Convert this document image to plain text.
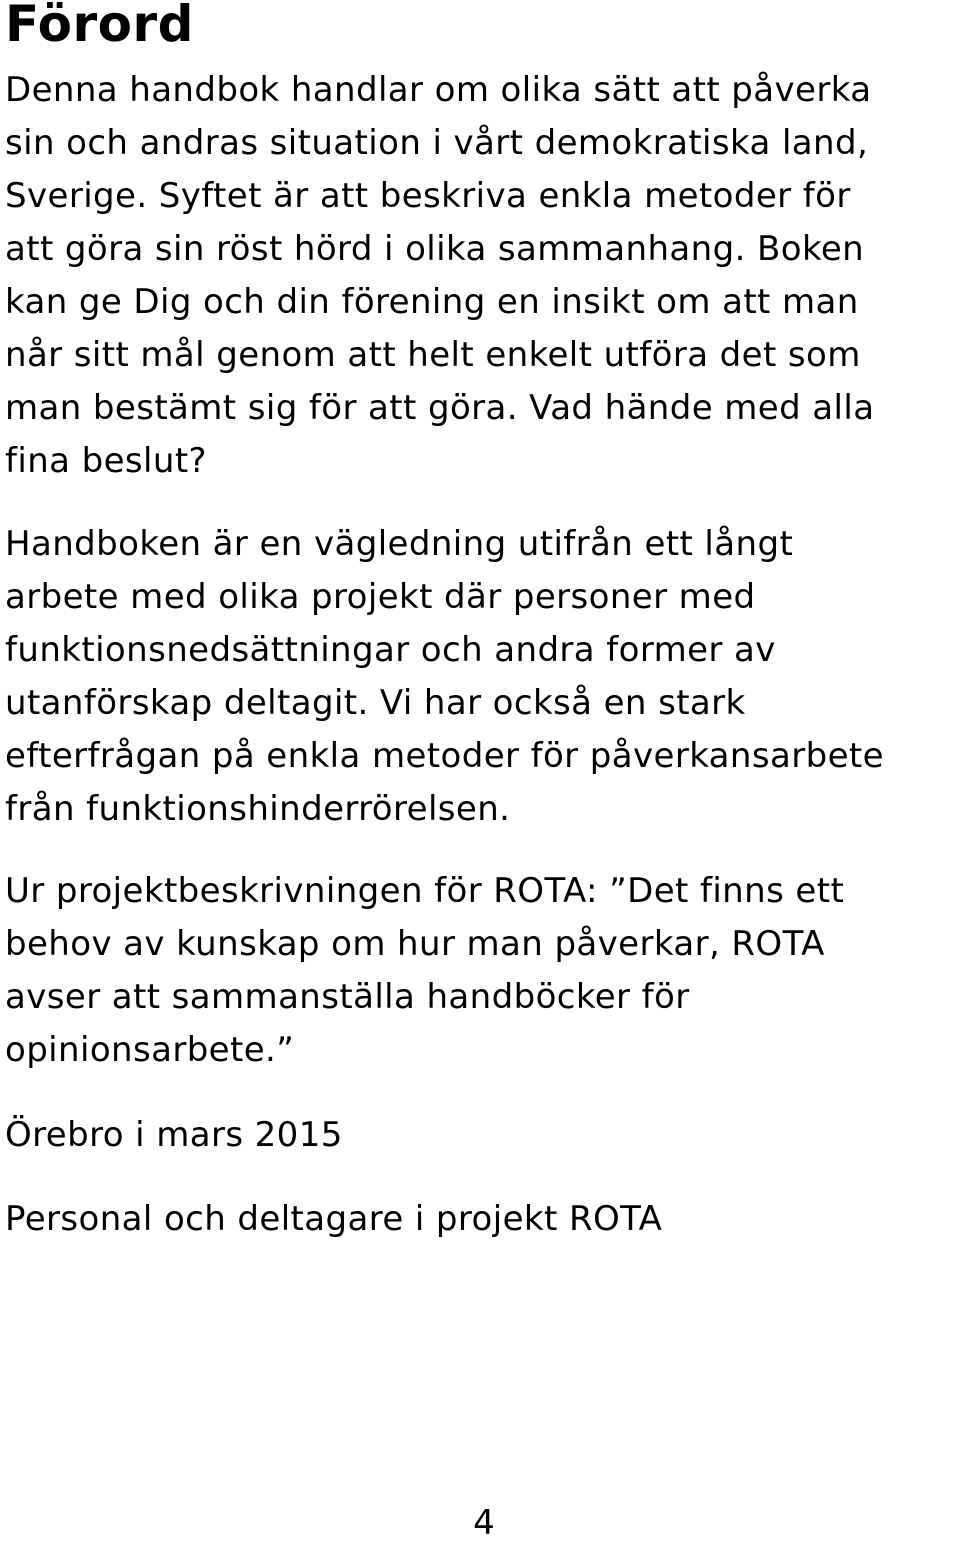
Förord

Denna handbok handlar om olika sätt att påverka
sin och andras situation i vårt demokratiska land,
Sverige. Syftet är att beskriva enkla metoder för
att göra sin röst hörd i olika sammanhang. Boken
kan ge Dig och din förening en insikt om att man
når sitt mål genom att helt enkelt utföra det som
man bestämt sig för att göra. Vad hände med alla
fina beslut?

Handboken är en vägledning utifrån ett långt
arbete med olika projekt där personer med
funktionsnedsättningar och andra former av
utanförskap deltagit. Vi har också en stark
efterfrågan på enkla metoder för påverkansarbete
från funktionshinderrörelsen.

Ur projektbeskrivningen för ROTA: ”Det finns ett
behov av kunskap om hur man påverkar, ROTA
avser att sammanställa handböcker för
opinionsarbete.”

Örebro i mars 2015

Personal och deltagare i projekt ROTA

4
